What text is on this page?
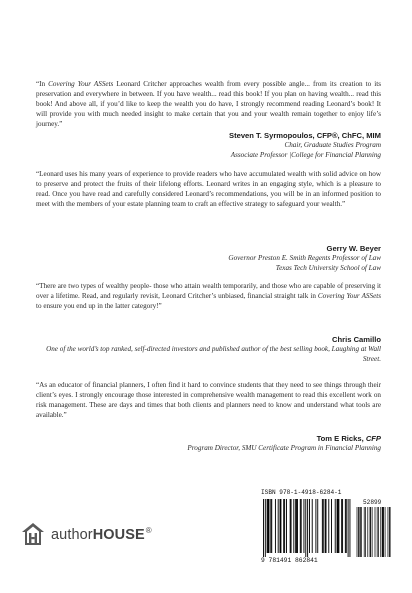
“In Covering Your ASSets Leonard Critcher approaches wealth from every possible angle... from its creation to its preservation and everywhere in between. If you have wealth... read this book! If you plan on having wealth... read this book! And above all, if you’d like to keep the wealth you do have, I strongly recommend reading Leonard’s book! It will provide you with much needed insight to make certain that you and your wealth remain together to enjoy life’s journey.”

Steven T. Syrmopoulos, CFP®, ChFC, MIM
Chair, Graduate Studies Program
Associate Professor |College for Financial Planning

“Leonard uses his many years of experience to provide readers who have accumulated wealth with solid advice on how to preserve and protect the fruits of their lifelong efforts. Leonard writes in an engaging style, which is a pleasure to read. Once you have read and carefully considered Leonard’s recommendations, you will be in an informed position to meet with the members of your estate planning team to craft an effective strategy to safeguard your wealth.”

Gerry W. Beyer
Governor Preston E. Smith Regents Professor of Law
Texas Tech University School of Law

“There are two types of wealthy people- those who attain wealth temporarily, and those who are capable of preserving it over a lifetime. Read, and regularly revisit, Leonard Critcher’s unbiased, financial straight talk in Covering Your ASSets to ensure you end up in the latter category!”

Chris Camillo
One of the world’s top ranked, self-directed investors and published author of the best selling book, Laughing at Wall Street.

“As an educator of financial planners, I often find it hard to convince students that they need to see things through their client’s eyes. I strongly encourage those interested in comprehensive wealth management to read this excellent work on risk management. These are days and times that both clients and planners need to know and understand what tools are available.”

Tom E Ricks, CFP
Program Director, SMU Certificate Program in Financial Planning
authorHOUSE®
ISBN 978-1-4918-6284-1
52899
9 781491 862841
